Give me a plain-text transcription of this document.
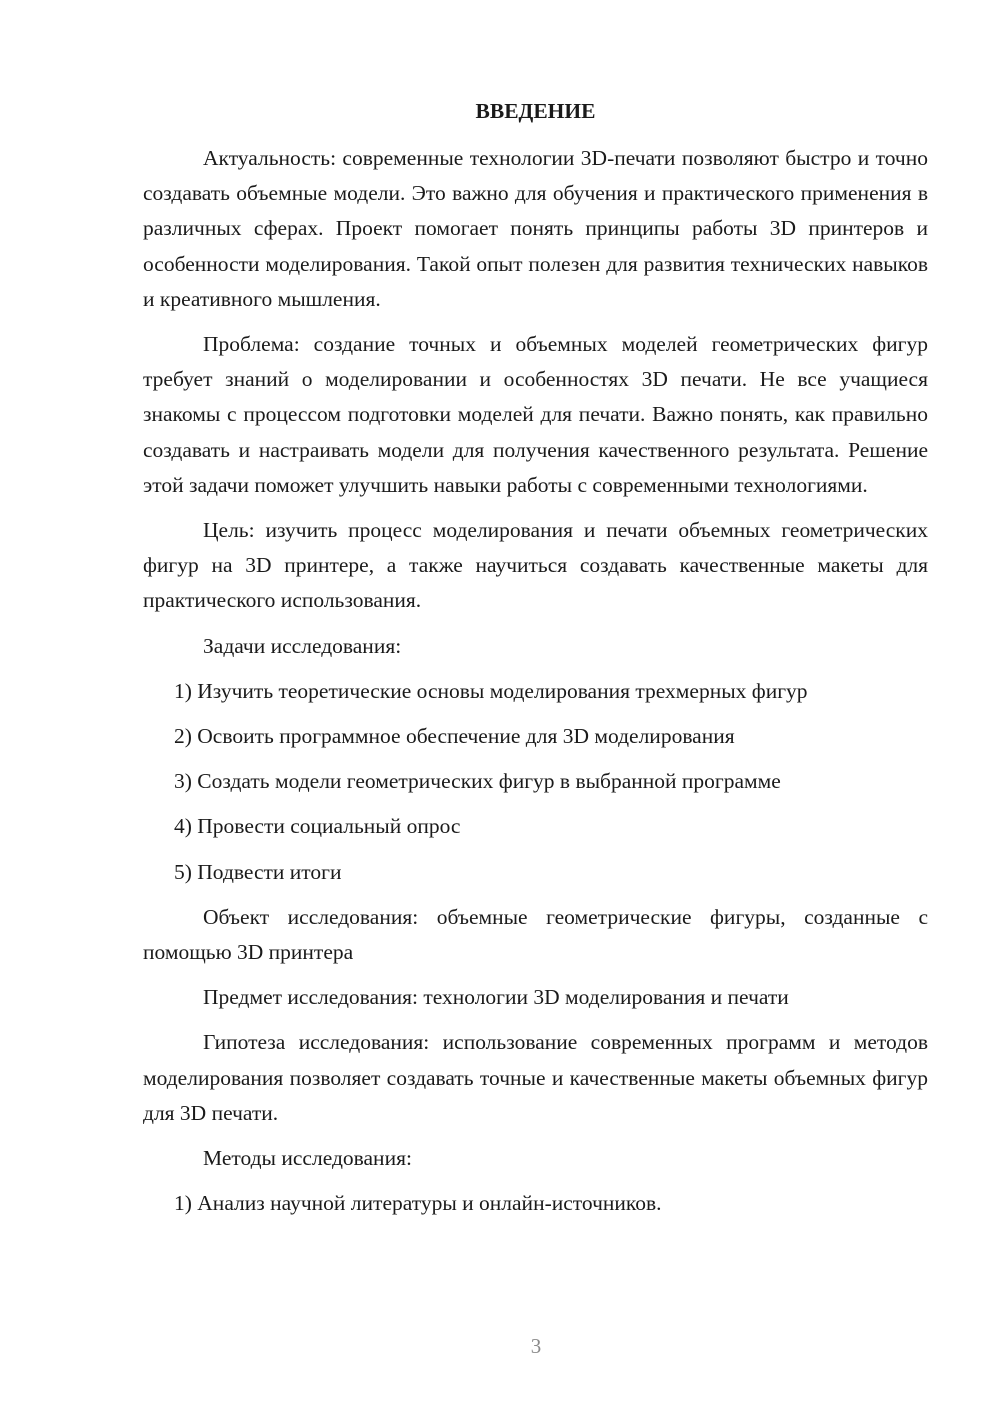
ВВЕДЕНИЕ

Актуальность: современные технологии 3D-печати позволяют быстро и точно создавать объемные модели. Это важно для обучения и практического применения в различных сферах. Проект помогает понять принципы работы 3D принтеров и особенности моделирования. Такой опыт полезен для развития технических навыков и креативного мышления.

Проблема: создание точных и объемных моделей геометрических фигур требует знаний о моделировании и особенностях 3D печати. Не все учащиеся знакомы с процессом подготовки моделей для печати. Важно понять, как правильно создавать и настраивать модели для получения качественного результата. Решение этой задачи поможет улучшить навыки работы с современными технологиями.

Цель: изучить процесс моделирования и печати объемных геометрических фигур на 3D принтере, а также научиться создавать качественные макеты для практического использования.

Задачи исследования:

1) Изучить теоретические основы моделирования трехмерных фигур

2) Освоить программное обеспечение для 3D моделирования

3) Создать модели геометрических фигур в выбранной программе

4) Провести социальный опрос

5) Подвести итоги

Объект исследования: объемные геометрические фигуры, созданные с помощью 3D принтера

Предмет исследования: технологии 3D моделирования и печати

Гипотеза исследования: использование современных программ и методов моделирования позволяет создавать точные и качественные макеты объемных фигур для 3D печати.

Методы исследования:

1) Анализ научной литературы и онлайн-источников.

3
